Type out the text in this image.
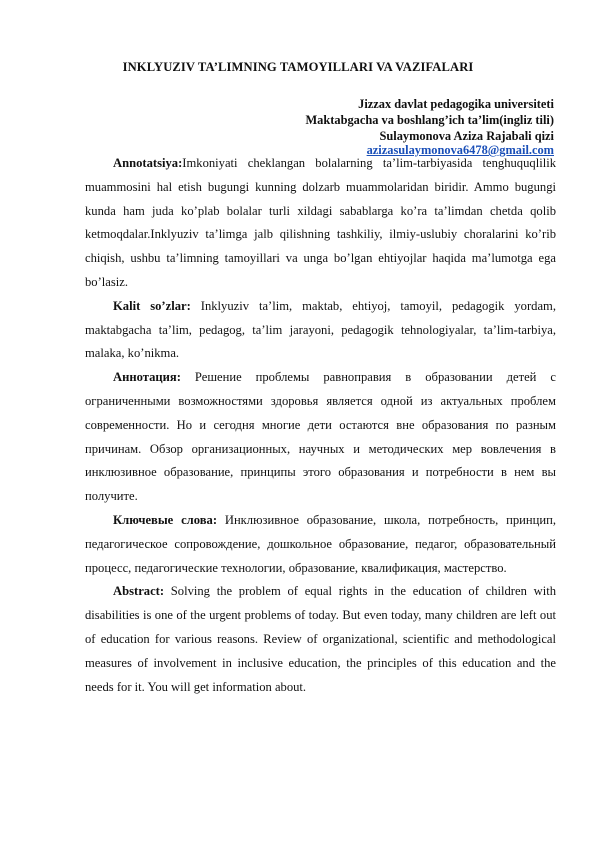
INKLYUZIV TA’LIMNING TAMOYILLARI VA VAZIFALARI
Jizzax davlat pedagogika universiteti
Maktabgacha va boshlang’ich ta’lim(ingliz tili)
Sulaymonova Aziza Rajabali qizi
azizasulaymonova6478@gmail.com

Annotatsiya:Imkoniyati cheklangan bolalarning ta’lim-tarbiyasida tenghuquqlilik muammosini hal etish bugungi kunning dolzarb muammolaridan biridir. Ammo bugungi kunda ham juda ko’plab bolalar turli xildagi sabablarga ko’ra ta’limdan chetda qolib ketmoqdalar.Inklyuziv ta’limga jalb qilishning tashkiliy, ilmiy-uslubiy choralarini ko’rib chiqish, ushbu ta’limning tamoyillari va unga bo’lgan ehtiyojlar haqida ma’lumotga ega bo’lasiz.

Kalit so’zlar: Inklyuziv ta’lim, maktab, ehtiyoj, tamoyil, pedagogik yordam, maktabgacha ta’lim, pedagog, ta’lim jarayoni, pedagogik tehnologiyalar, ta’lim-tarbiya, malaka, ko’nikma.

Аннотация: Решение проблемы равноправия в образовании детей с ограниченными возможностями здоровья является одной из актуальных проблем современности. Но и сегодня многие дети остаются вне образования по разным причинам. Обзор организационных, научных и методических мер вовлечения в инклюзивное образование, принципы этого образования и потребности в нем вы получите.

Ключевые слова: Инклюзивное образование, школа, потребность, принцип, педагогическое сопровождение, дошкольное образование, педагог, образовательный процесс, педагогические технологии, образование, квалификация, мастерство.

Abstract: Solving the problem of equal rights in the education of children with disabilities is one of the urgent problems of today. But even today, many children are left out of education for various reasons. Review of organizational, scientific and methodological measures of involvement in inclusive education, the principles of this education and the needs for it. You will get information about.
